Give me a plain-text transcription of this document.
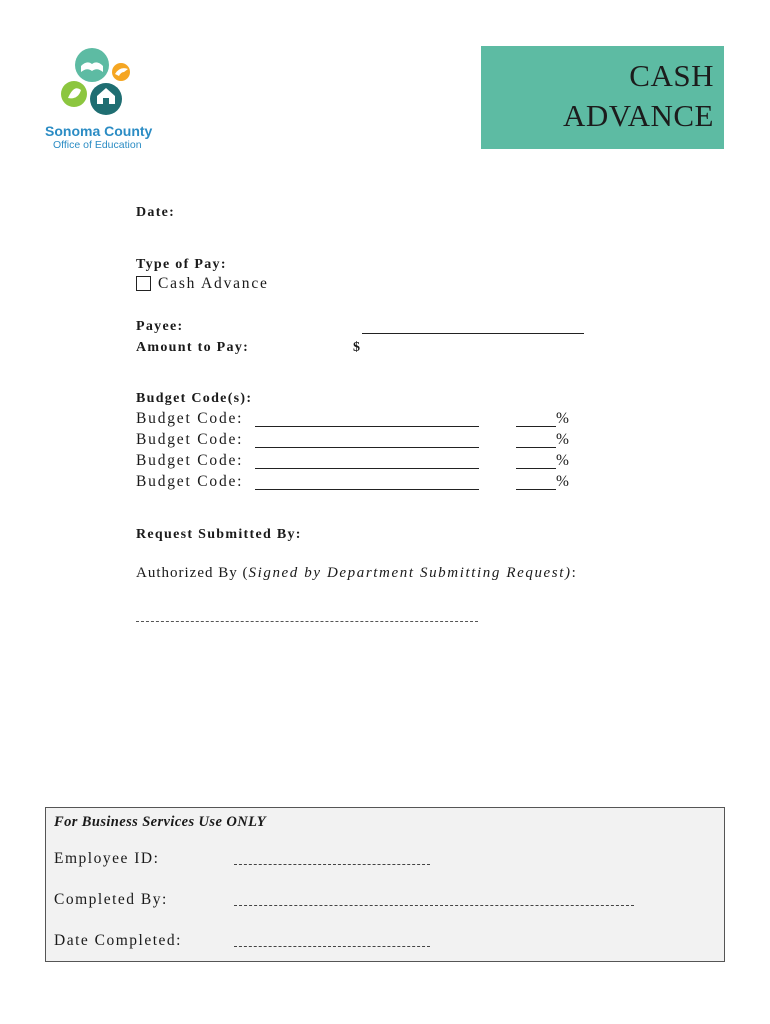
Sonoma County
Office of Education
CASH
ADVANCE
Date:
Type of Pay:
Cash Advance
Payee:
Amount to Pay:	$
Budget Code(s):
Budget Code:	%
Budget Code:	%
Budget Code:	%
Budget Code:	%
Request Submitted By:
Authorized By (Signed by Department Submitting Request):
For Business Services Use ONLY
Employee ID:
Completed By:
Date Completed:
